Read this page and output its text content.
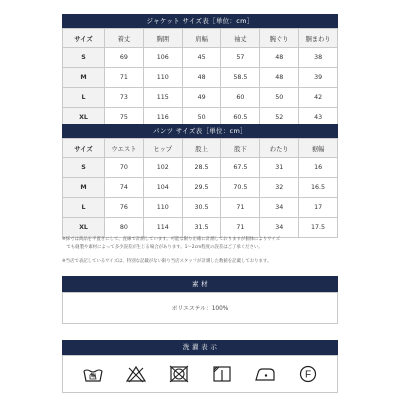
ジャケット サイズ表［単位：cm］
サイズ	着丈	胸囲	肩幅	袖丈	腕ぐり	胴まわり
S	69	106	45	57	48	38
M	71	110	48	58.5	48	39
L	73	115	49	60	50	42
XL	75	116	50	60.5	52	43
パンツ サイズ表［単位：cm］
サイズ	ウエスト	ヒップ	股上	股下	わたり	裾幅
S	70	102	28.5	67.5	31	16
M	74	104	29.5	70.5	32	16.5
L	76	110	30.5	71	34	17
XL	80	114	31.5	71	34	17.5
※採寸は商品を平置きにして、直線で計測しています。可能な限り正確に計測しておりますが個体によりサイズ
　でも縫製や素材によって多少誤差が生じる場合があります。1～2cm程度の誤差はご了承ください。
※当店で表記しているサイズは、特別な記載がない限り当店スタッフが計測した数値を記載しております。
素 材
ポリエステル：100%
洗 濯 表 示
F
